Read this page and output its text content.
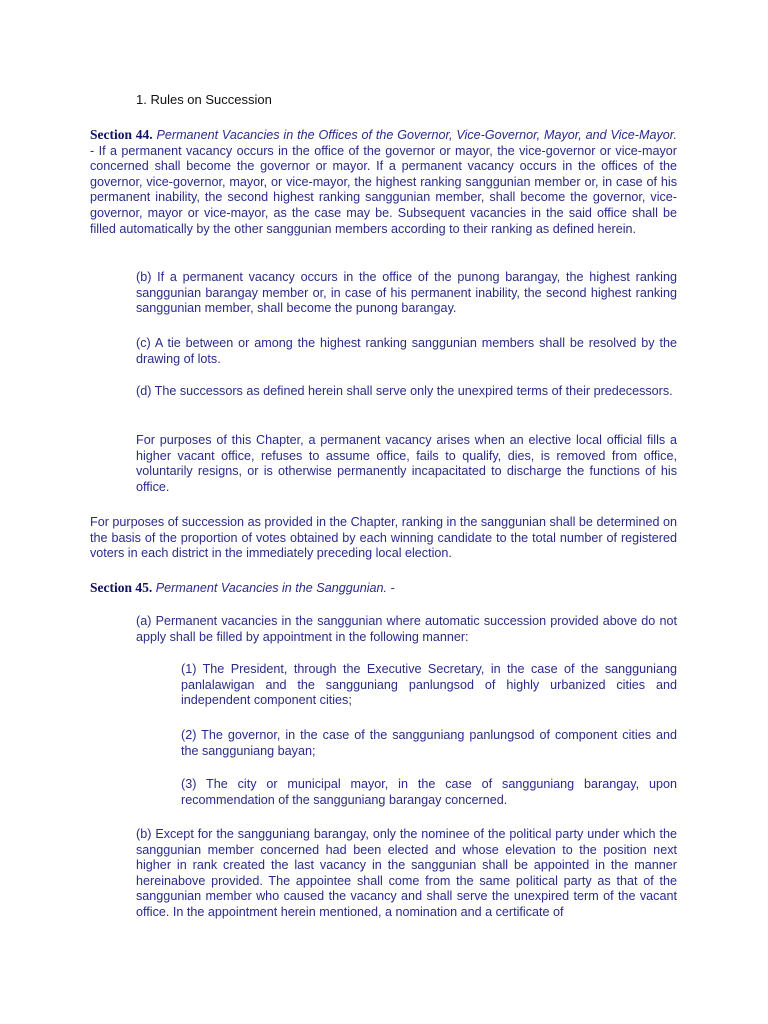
1. Rules on Succession

Section 44. Permanent Vacancies in the Offices of the Governor, Vice-Governor, Mayor, and Vice-Mayor. - If a permanent vacancy occurs in the office of the governor or mayor, the vice-governor or vice-mayor concerned shall become the governor or mayor. If a permanent vacancy occurs in the offices of the governor, vice-governor, mayor, or vice-mayor, the highest ranking sanggunian member or, in case of his permanent inability, the second highest ranking sanggunian member, shall become the governor, vice-governor, mayor or vice-mayor, as the case may be. Subsequent vacancies in the said office shall be filled automatically by the other sanggunian members according to their ranking as defined herein.

(b) If a permanent vacancy occurs in the office of the punong barangay, the highest ranking sanggunian barangay member or, in case of his permanent inability, the second highest ranking sanggunian member, shall become the punong barangay.

(c) A tie between or among the highest ranking sanggunian members shall be resolved by the drawing of lots.

(d) The successors as defined herein shall serve only the unexpired terms of their predecessors.

For purposes of this Chapter, a permanent vacancy arises when an elective local official fills a higher vacant office, refuses to assume office, fails to qualify, dies, is removed from office, voluntarily resigns, or is otherwise permanently incapacitated to discharge the functions of his office.

For purposes of succession as provided in the Chapter, ranking in the sanggunian shall be determined on the basis of the proportion of votes obtained by each winning candidate to the total number of registered voters in each district in the immediately preceding local election.

Section 45. Permanent Vacancies in the Sanggunian. -

(a) Permanent vacancies in the sanggunian where automatic succession provided above do not apply shall be filled by appointment in the following manner:

(1) The President, through the Executive Secretary, in the case of the sangguniang panlalawigan and the sangguniang panlungsod of highly urbanized cities and independent component cities;

(2) The governor, in the case of the sangguniang panlungsod of component cities and the sangguniang bayan;

(3) The city or municipal mayor, in the case of sangguniang barangay, upon recommendation of the sangguniang barangay concerned.

(b) Except for the sangguniang barangay, only the nominee of the political party under which the sanggunian member concerned had been elected and whose elevation to the position next higher in rank created the last vacancy in the sanggunian shall be appointed in the manner hereinabove provided. The appointee shall come from the same political party as that of the sanggunian member who caused the vacancy and shall serve the unexpired term of the vacant office. In the appointment herein mentioned, a nomination and a certificate of
